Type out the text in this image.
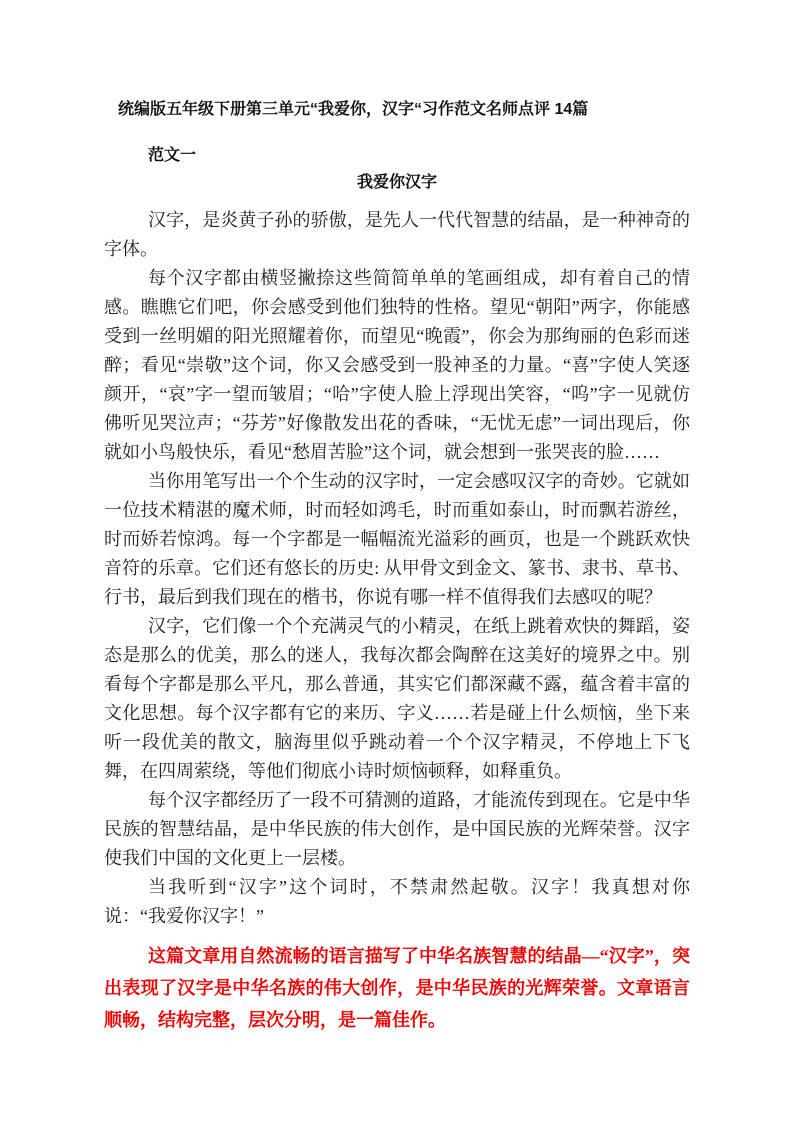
统编版五年级下册第三单元“我爱你，汉字“习作范文名师点评 14篇

范文一

我爱你汉字

汉字，是炎黄子孙的骄傲，是先人一代代智慧的结晶，是一种神奇的字体。

每个汉字都由横竖撇捺这些简简单单的笔画组成，却有着自己的情感。瞧瞧它们吧，你会感受到他们独特的性格。望见“朝阳”两字，你能感受到一丝明媚的阳光照耀着你，而望见“晚霞”，你会为那绚丽的色彩而迷醉；看见“崇敬”这个词，你又会感受到一股神圣的力量。“喜”字使人笑逐颜开，“哀”字一望而皱眉；“哈”字使人脸上浮现出笑容，“呜”字一见就仿佛听见哭泣声；“芬芳”好像散发出花的香味，“无忧无虑”一词出现后，你就如小鸟般快乐，看见“愁眉苦脸”这个词，就会想到一张哭丧的脸……

当你用笔写出一个个生动的汉字时，一定会感叹汉字的奇妙。它就如一位技术精湛的魔术师，时而轻如鸿毛，时而重如泰山，时而飘若游丝，时而娇若惊鸿。每一个字都是一幅幅流光溢彩的画页，也是一个跳跃欢快音符的乐章。它们还有悠长的历史: 从甲骨文到金文、篆书、隶书、草书、行书，最后到我们现在的楷书，你说有哪一样不值得我们去感叹的呢？

汉字，它们像一个个充满灵气的小精灵，在纸上跳着欢快的舞蹈，姿态是那么的优美，那么的迷人，我每次都会陶醉在这美好的境界之中。别看每个字都是那么平凡，那么普通，其实它们都深藏不露，蕴含着丰富的文化思想。每个汉字都有它的来历、字义……若是碰上什么烦恼，坐下来听一段优美的散文，脑海里似乎跳动着一个个汉字精灵，不停地上下飞舞，在四周萦绕，等他们彻底小诗时烦恼顿释，如释重负。

每个汉字都经历了一段不可猜测的道路，才能流传到现在。它是中华民族的智慧结晶，是中华民族的伟大创作，是中国民族的光辉荣誉。汉字使我们中国的文化更上一层楼。

当我听到“汉字”这个词时，不禁肃然起敬。汉字！我真想对你说：“我爱你汉字！”

这篇文章用自然流畅的语言描写了中华名族智慧的结晶—“汉字”，突出表现了汉字是中华名族的伟大创作，是中华民族的光辉荣誉。文章语言顺畅，结构完整，层次分明，是一篇佳作。
